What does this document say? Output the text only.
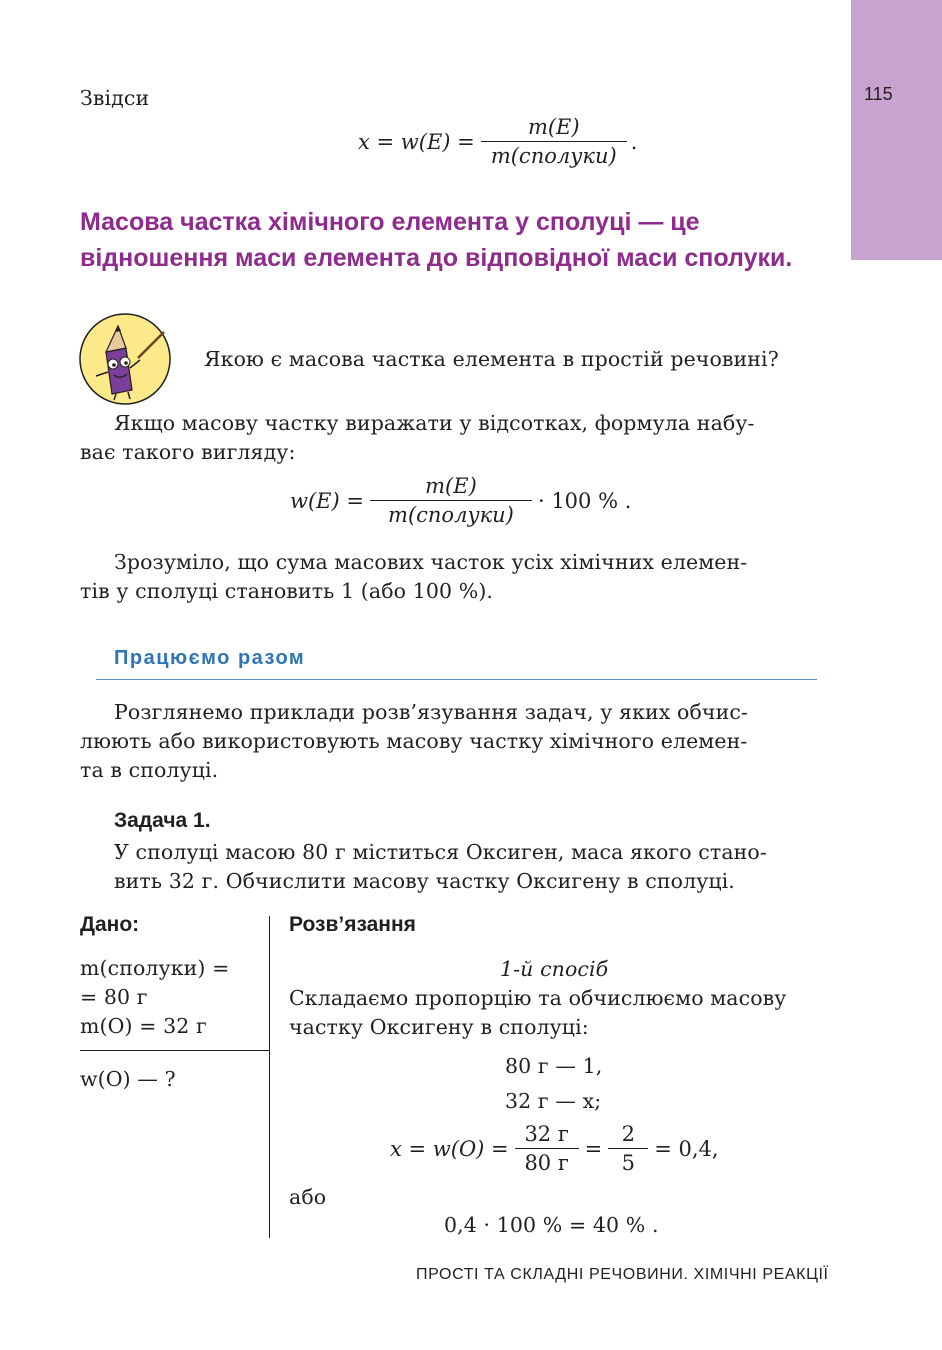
115
Звідси
$x = w(E) = \frac{m(E)}{\text{m(сполуки)}}$ .
Масова частка хімічного елемента у сполуці — це відношення маси елемента до відповідної маси сполуки.
Якою є масова частка елемента в простій речовині?
Якщо масову частку виражати у відсотках, формула набу-
ває такого вигляду:
$w(E) = \frac{m(E)}{\text{m(сполуки)}} \cdot 100$ % .
Зрозуміло, що сума масових часток усіх хімічних елемен-
тів у сполуці становить 1 (або 100 %).
Працюємо разом
Розглянемо приклади розв’язування задач, у яких обчис-
люють або використовують масову частку хімічного елемен-
та в сполуці.
Задача 1.
У сполуці масою 80 г міститься Оксиген, маса якого стано-
вить 32 г. Обчислити масову частку Оксигену в сполуці.
Дано:
m(сполуки) =
= 80 г
m(O) = 32 г
w(O) — ?
Розв’язання
1-й спосіб
Складаємо пропорцію та обчислюємо масову
частку Оксигену в сполуці:
80 г — 1,
32 г — x;
$x = w(O) = \frac{32 г}{80 г} = \frac{2}{5} = 0,4$,
або
0,4 · 100 % = 40 % .
ПРОСТІ ТА СКЛАДНІ РЕЧОВИНИ. ХІМІЧНІ РЕАКЦІЇ
